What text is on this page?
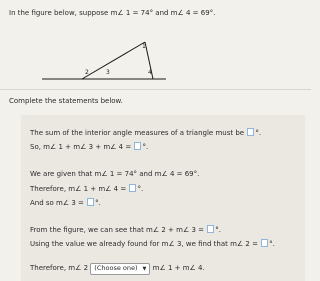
In the figure below, suppose m∠ 1 = 74° and m∠ 4 = 69°.
1
2	3	4
Complete the statements below.
The sum of the interior angle measures of a triangle must be °.
So, m∠ 1 + m∠ 3 + m∠ 4 = °.
We are given that m∠ 1 = 74° and m∠ 4 = 69°.
Therefore, m∠ 1 + m∠ 4 = °.
And so m∠ 3 = °.
From the figure, we can see that m∠ 2 + m∠ 3 = °.
Using the value we already found for m∠ 3, we find that m∠ 2 = °.
Therefore, m∠ 2 (Choose one) ▼ m∠ 1 + m∠ 4.
